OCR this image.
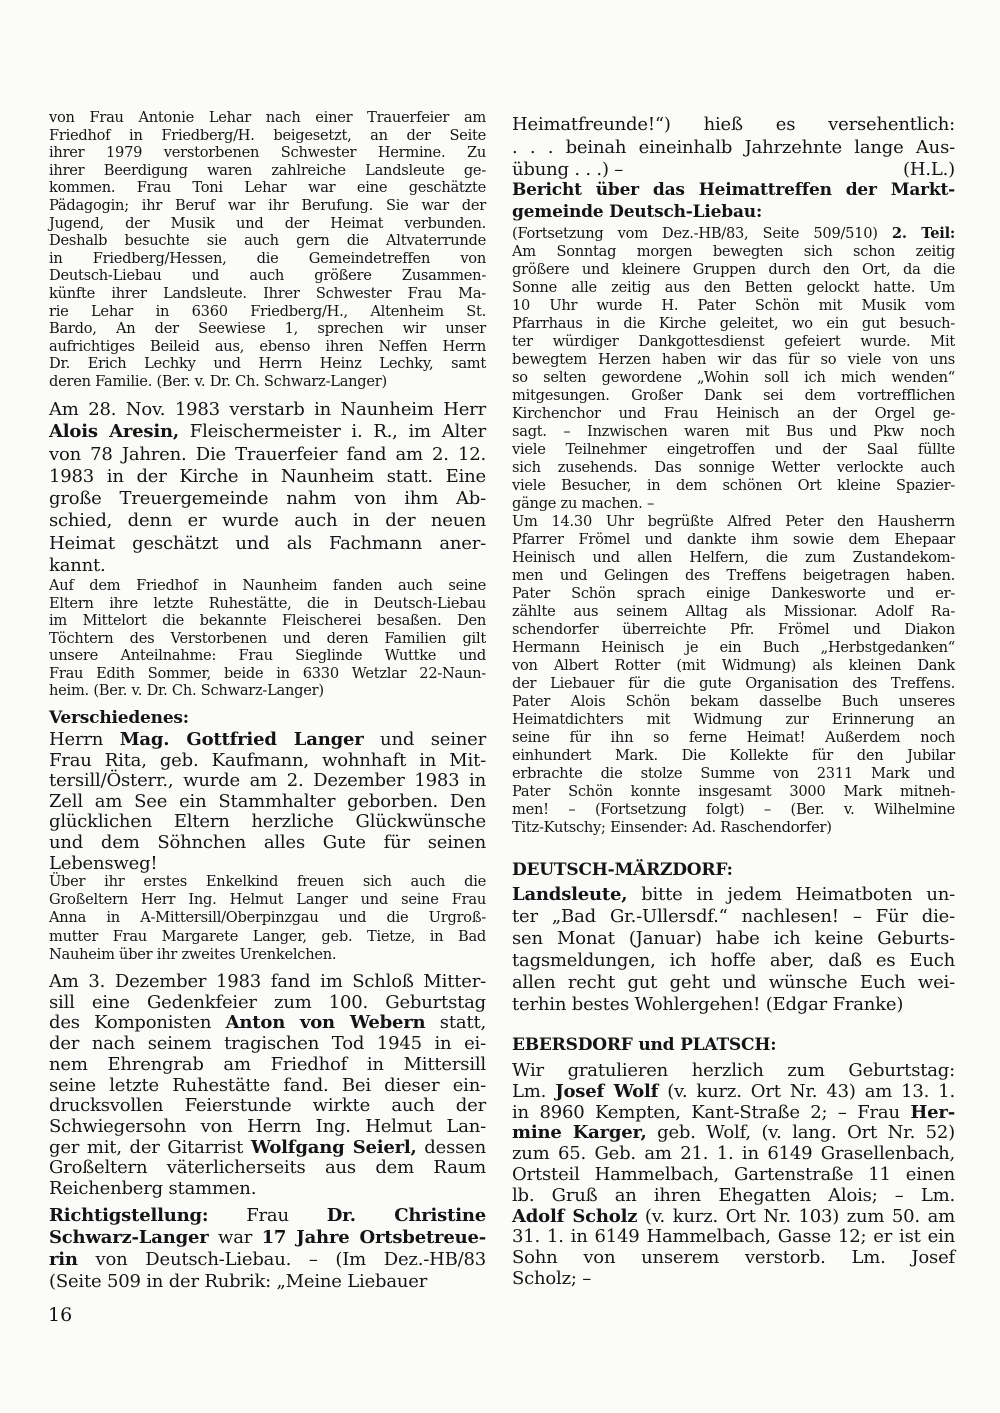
von Frau Antonie Lehar nach einer Trauerfeier am
Friedhof in Friedberg/H. beigesetzt, an der Seite
ihrer 1979 verstorbenen Schwester Hermine. Zu
ihrer Beerdigung waren zahlreiche Landsleute ge-
kommen. Frau Toni Lehar war eine geschätzte
Pädagogin; ihr Beruf war ihr Berufung. Sie war der
Jugend, der Musik und der Heimat verbunden.
Deshalb besuchte sie auch gern die Altvaterrunde
in Friedberg/Hessen, die Gemeindetreffen von
Deutsch-Liebau und auch größere Zusammen-
künfte ihrer Landsleute. Ihrer Schwester Frau Ma-
rie Lehar in 6360 Friedberg/H., Altenheim St.
Bardo, An der Seewiese 1, sprechen wir unser
aufrichtiges Beileid aus, ebenso ihren Neffen Herrn
Dr. Erich Lechky und Herrn Heinz Lechky, samt
deren Familie. (Ber. v. Dr. Ch. Schwarz-Langer)
Am 28. Nov. 1983 verstarb in Naunheim Herr
Alois Aresin, Fleischermeister i. R., im Alter
von 78 Jahren. Die Trauerfeier fand am 2. 12.
1983 in der Kirche in Naunheim statt. Eine
große Treuergemeinde nahm von ihm Ab-
schied, denn er wurde auch in der neuen
Heimat geschätzt und als Fachmann aner-
kannt.
Auf dem Friedhof in Naunheim fanden auch seine
Eltern ihre letzte Ruhestätte, die in Deutsch-Liebau
im Mittelort die bekannte Fleischerei besaßen. Den
Töchtern des Verstorbenen und deren Familien gilt
unsere Anteilnahme: Frau Sieglinde Wuttke und
Frau Edith Sommer, beide in 6330 Wetzlar 22-Naun-
heim. (Ber. v. Dr. Ch. Schwarz-Langer)
Verschiedenes:
Herrn Mag. Gottfried Langer und seiner
Frau Rita, geb. Kaufmann, wohnhaft in Mit-
tersill/Österr., wurde am 2. Dezember 1983 in
Zell am See ein Stammhalter geborben. Den
glücklichen Eltern herzliche Glückwünsche
und dem Söhnchen alles Gute für seinen
Lebensweg!
Über ihr erstes Enkelkind freuen sich auch die
Großeltern Herr Ing. Helmut Langer und seine Frau
Anna in A-Mittersill/Oberpinzgau und die Urgroß-
mutter Frau Margarete Langer, geb. Tietze, in Bad
Nauheim über ihr zweites Urenkelchen.
Am 3. Dezember 1983 fand im Schloß Mitter-
sill eine Gedenkfeier zum 100. Geburtstag
des Komponisten Anton von Webern statt,
der nach seinem tragischen Tod 1945 in ei-
nem Ehrengrab am Friedhof in Mittersill
seine letzte Ruhestätte fand. Bei dieser ein-
drucksvollen Feierstunde wirkte auch der
Schwiegersohn von Herrn Ing. Helmut Lan-
ger mit, der Gitarrist Wolfgang Seierl, dessen
Großeltern väterlicherseits aus dem Raum
Reichenberg stammen.
Richtigstellung: Frau Dr. Christine
Schwarz-Langer war 17 Jahre Ortsbetreue-
rin von Deutsch-Liebau. – (Im Dez.-HB/83
(Seite 509 in der Rubrik: „Meine Liebauer
16
Heimatfreunde!“) hieß es versehentlich:
. . . beinah eineinhalb Jahrzehnte lange Aus-
übung . . .) –	(H.L.)
Bericht über das Heimattreffen der Markt-
gemeinde Deutsch-Liebau:
(Fortsetzung vom Dez.-HB/83, Seite 509/510) 2. Teil:
Am Sonntag morgen bewegten sich schon zeitig
größere und kleinere Gruppen durch den Ort, da die
Sonne alle zeitig aus den Betten gelockt hatte. Um
10 Uhr wurde H. Pater Schön mit Musik vom
Pfarrhaus in die Kirche geleitet, wo ein gut besuch-
ter würdiger Dankgottesdienst gefeiert wurde. Mit
bewegtem Herzen haben wir das für so viele von uns
so selten gewordene „Wohin soll ich mich wenden“
mitgesungen. Großer Dank sei dem vortrefflichen
Kirchenchor und Frau Heinisch an der Orgel ge-
sagt. – Inzwischen waren mit Bus und Pkw noch
viele Teilnehmer eingetroffen und der Saal füllte
sich zusehends. Das sonnige Wetter verlockte auch
viele Besucher, in dem schönen Ort kleine Spazier-
gänge zu machen. –
Um 14.30 Uhr begrüßte Alfred Peter den Hausherrn
Pfarrer Frömel und dankte ihm sowie dem Ehepaar
Heinisch und allen Helfern, die zum Zustandekom-
men und Gelingen des Treffens beigetragen haben.
Pater Schön sprach einige Dankesworte und er-
zählte aus seinem Alltag als Missionar. Adolf Ra-
schendorfer überreichte Pfr. Frömel und Diakon
Hermann Heinisch je ein Buch „Herbstgedanken“
von Albert Rotter (mit Widmung) als kleinen Dank
der Liebauer für die gute Organisation des Treffens.
Pater Alois Schön bekam dasselbe Buch unseres
Heimatdichters mit Widmung zur Erinnerung an
seine für ihn so ferne Heimat! Außerdem noch
einhundert Mark. Die Kollekte für den Jubilar
erbrachte die stolze Summe von 2311 Mark und
Pater Schön konnte insgesamt 3000 Mark mitneh-
men! – (Fortsetzung folgt) – (Ber. v. Wilhelmine
Titz-Kutschy; Einsender: Ad. Raschendorfer)
DEUTSCH-MÄRZDORF:
Landsleute, bitte in jedem Heimatboten un-
ter „Bad Gr.-Ullersdf.“ nachlesen! – Für die-
sen Monat (Januar) habe ich keine Geburts-
tagsmeldungen, ich hoffe aber, daß es Euch
allen recht gut geht und wünsche Euch wei-
terhin bestes Wohlergehen! (Edgar Franke)
EBERSDORF und PLATSCH:
Wir gratulieren herzlich zum Geburtstag:
Lm. Josef Wolf (v. kurz. Ort Nr. 43) am 13. 1.
in 8960 Kempten, Kant-Straße 2; – Frau Her-
mine Karger, geb. Wolf, (v. lang. Ort Nr. 52)
zum 65. Geb. am 21. 1. in 6149 Grasellenbach,
Ortsteil Hammelbach, Gartenstraße 11 einen
lb. Gruß an ihren Ehegatten Alois; – Lm.
Adolf Scholz (v. kurz. Ort Nr. 103) zum 50. am
31. 1. in 6149 Hammelbach, Gasse 12; er ist ein
Sohn von unserem verstorb. Lm. Josef
Scholz; –
